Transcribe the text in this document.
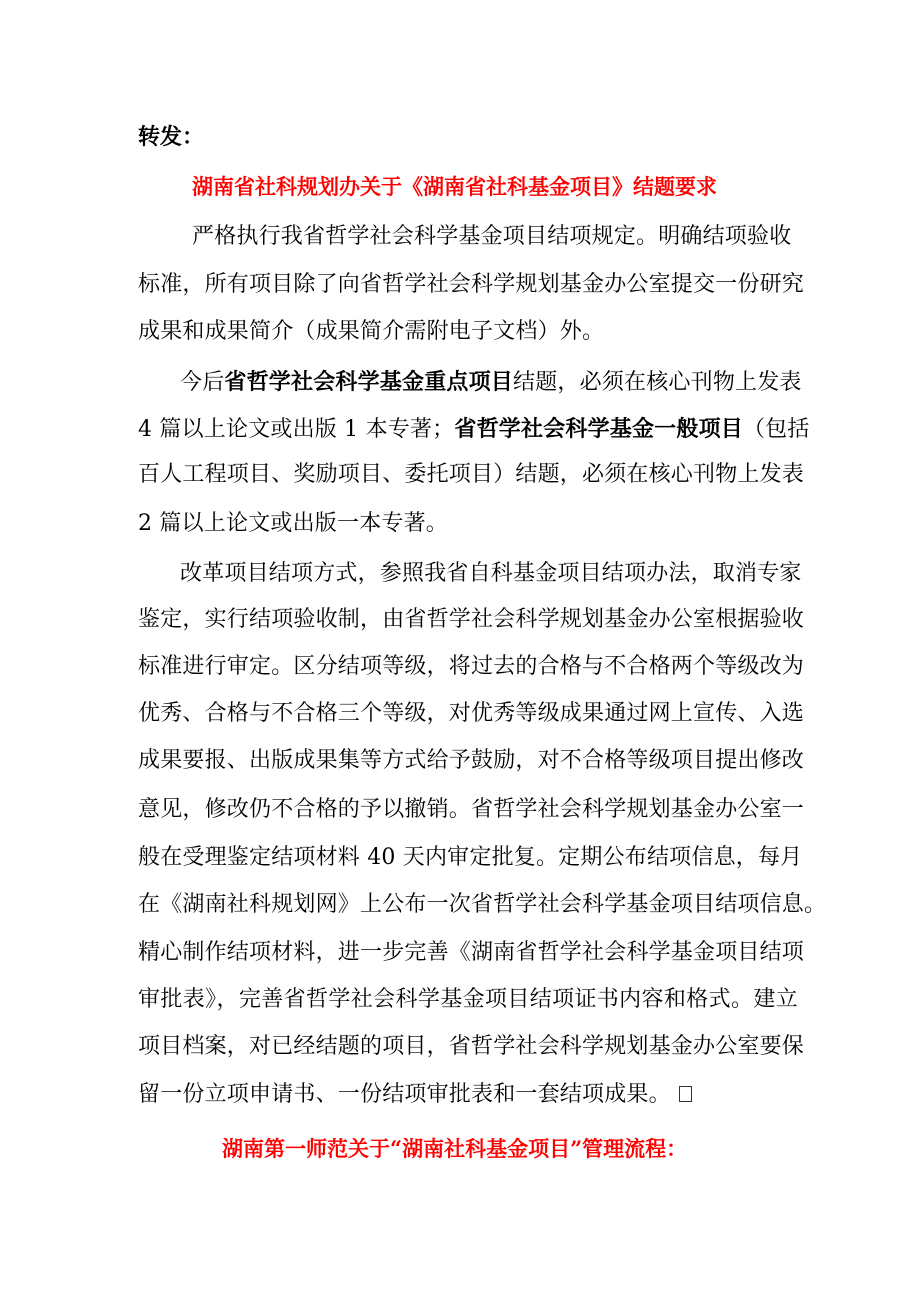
转发：
湖南省社科规划办关于《湖南省社科基金项目》结题要求
严格执行我省哲学社会科学基金项目结项规定。明确结项验收
标准，所有项目除了向省哲学社会科学规划基金办公室提交一份研究
成果和成果简介（成果简介需附电子文档）外。
今后省哲学社会科学基金重点项目结题，必须在核心刊物上发表
4 篇以上论文或出版 1 本专著；省哲学社会科学基金一般项目（包括
百人工程项目、奖励项目、委托项目）结题，必须在核心刊物上发表
2 篇以上论文或出版一本专著。
改革项目结项方式，参照我省自科基金项目结项办法，取消专家
鉴定，实行结项验收制，由省哲学社会科学规划基金办公室根据验收
标准进行审定。区分结项等级，将过去的合格与不合格两个等级改为
优秀、合格与不合格三个等级，对优秀等级成果通过网上宣传、入选
成果要报、出版成果集等方式给予鼓励，对不合格等级项目提出修改
意见，修改仍不合格的予以撤销。省哲学社会科学规划基金办公室一
般在受理鉴定结项材料 40 天内审定批复。定期公布结项信息，每月
在《湖南社科规划网》上公布一次省哲学社会科学基金项目结项信息。
精心制作结项材料，进一步完善《湖南省哲学社会科学基金项目结项
审批表》，完善省哲学社会科学基金项目结项证书内容和格式。建立
项目档案，对已经结题的项目，省哲学社会科学规划基金办公室要保
留一份立项申请书、一份结项审批表和一套结项成果。
湖南第一师范关于“湖南社科基金项目”管理流程：
